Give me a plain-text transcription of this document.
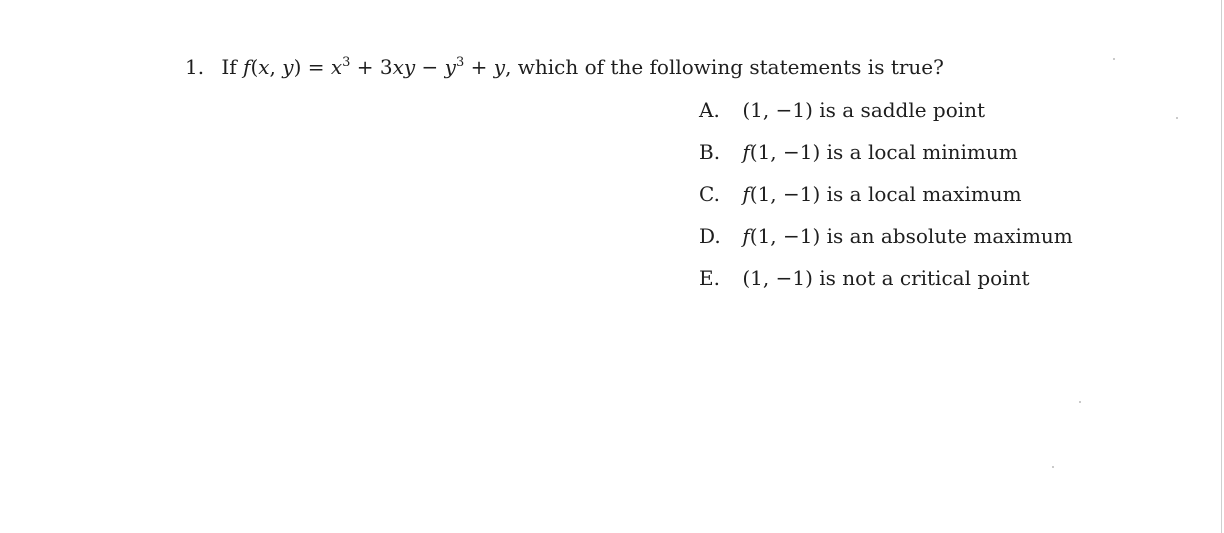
1. If f(x, $y) = x^3 + 3xy - y^3 + y$, which of the following statements is true?
A. (1, −1) is a saddle point
B. f(1, −1) is a local minimum
C. f(1, −1) is a local maximum
D. f(1, −1) is an absolute maximum
E. (1, −1) is not a critical point
